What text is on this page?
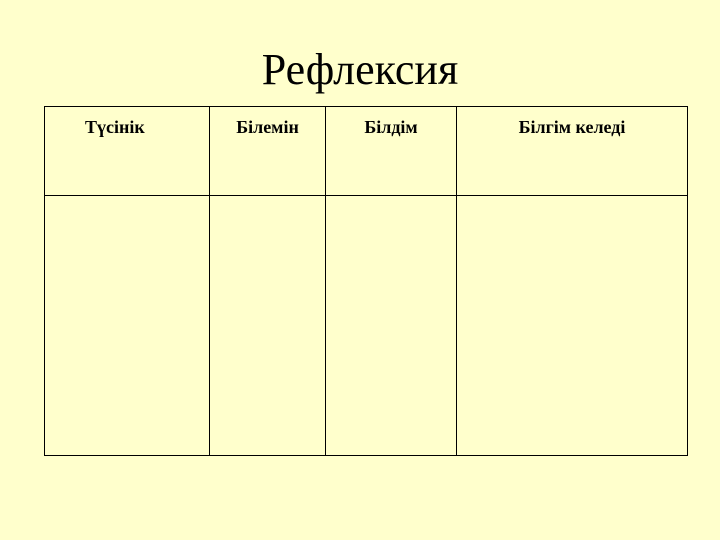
Рефлексия
Түсінік	Білемін	Білдім	Білгім келеді
